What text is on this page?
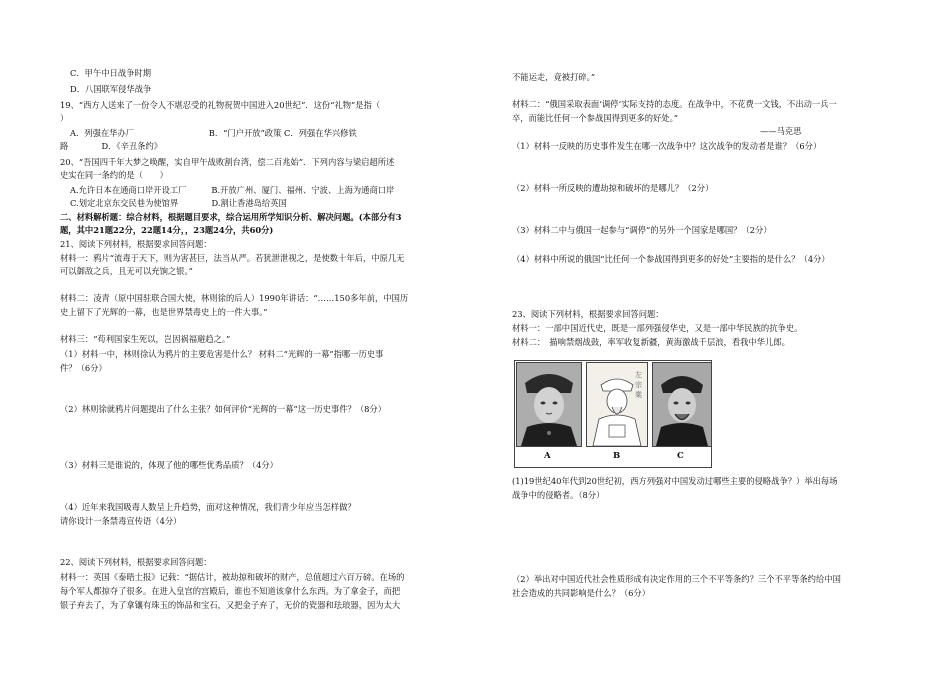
C．甲午中日战争时期
D．八国联军侵华战争
19、“西方人送来了一份令人不堪忍受的礼物祝贺中国进入20世纪”．这份“礼物”是指（
）
A．列强在华办厂　　　　　　　　　B．“门户开放”政策 C．列强在华兴修铁
路　　　　D．《辛丑条约》
20、“吾国四千年大梦之唤醒，实自甲午战败割台湾，偿二百兆始”．下列内容与梁启超所述
史实在同一条约的是（　　）
A.允许日本在通商口岸开设工厂　　　B.开放广州、厦门、福州、宁波、上海为通商口岸
C.划定北京东交民巷为使馆界　　　　D.割让香港岛给英国
二、材料解析题：综合材料，根据题目要求，综合运用所学知识分析、解决问题。(本部分有3
题，其中21题22分，22题14分，，23题24分，共60分)
21、阅读下列材料，根据要求回答问题：
材料一：鸦片“流毒于天下，则为害甚巨，法当从严。若犹泄泄视之，是使数十年后，中原几无
可以御敌之兵，且无可以充饷之银。”
材料二：凌青（原中国驻联合国大使，林则徐的后人）1990年讲话：“……150多年前，中国历
史上留下了光辉的一幕，也是世界禁毒史上的一件大事。”
材料三：“苟利国家生死以，岂因祸福避趋之。”
（1）材料一中，林则徐认为鸦片的主要危害是什么？ 材料二“光辉的一幕”指哪一历史事
件？（6分）
（2）林则徐就鸦片问题提出了什么主张？如何评价“光辉的一幕”这一历史事件？（8分）
（3）材料三是谁说的，体现了他的哪些优秀品质？（4分）
（4）近年来我国吸毒人数呈上升趋势，面对这种情况，我们青少年应当怎样做？
请你设计一条禁毒宣传语（4分）
22、阅读下列材料，根据要求回答问题：
材料一：英国《泰晤士报》记载：“据估计，被劫掠和破坏的财产，总值超过六百万磅。在场的
每个军人都掠夺了很多。在进入皇宫的宫殿后，谁也不知道该拿什么东西。为了拿金子，而把
银子弃去了，为了拿镶有珠玉的饰品和宝石，又把金子弃了，无价的瓷器和珐琅器，因为太大
不能运走，竟被打碎。”
材料二：“俄国采取表面‘调停’实际支持的态度。在战争中，不花费一文钱，不出动一兵一
卒，而能比任何一个参战国得到更多的好处。”
——马克思
（1）材料一反映的历史事件发生在哪一次战争中？这次战争的发动者是谁？（6分）
（2）材料一所反映的遭劫掠和破坏的是哪儿？（2分）
（3）材料二中与俄国一起参与“调停”的另外一个国家是哪国？（2分）
（4）材料中所说的俄国“比任何一个参战国得到更多的好处”主要指的是什么？（4分）
23、阅读下列材料，根据要求回答问题：
材料一：一部中国近代史，既是一部列强侵华史，又是一部中华民族的抗争史。
材料二：　描响禁烟战鼓，率军收复新疆，黄海激战千层浪，看我中华儿郎。
左
宗
棠
A	B	C
(1)19世纪40年代到20世纪初，西方列强对中国发动过哪些主要的侵略战争？）举出每场
战争中的侵略者。（8分）
（2）举出对中国近代社会性质形成有决定作用的三个不平等条约？三个不平等条约给中国
社会造成的共同影响是什么？（6分）
